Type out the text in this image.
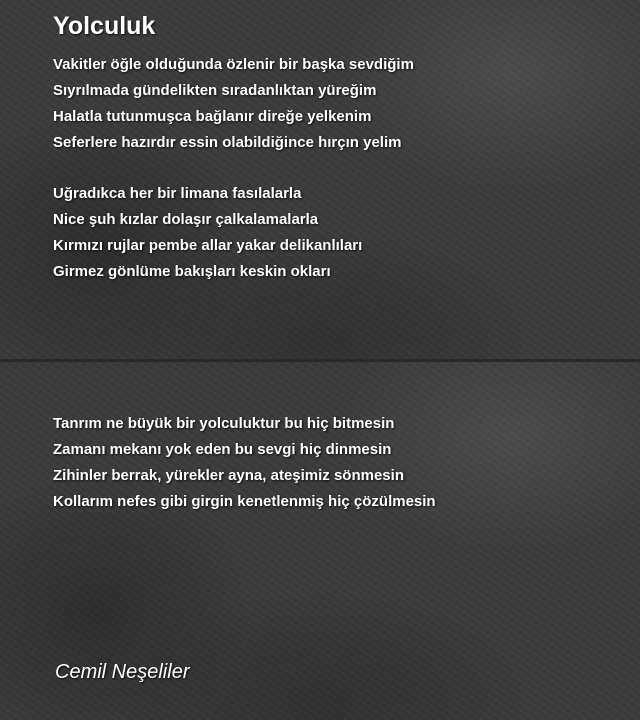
Yolculuk
Vakitler öğle olduğunda özlenir bir başka sevdiğim
Sıyrılmada gündelikten sıradanlıktan yüreğim
Halatla tutunmuşca bağlanır direğe yelkenim
Seferlere hazırdır essin olabildiğince hırçın yelim
Uğradıkca her bir limana fasılalarla
Nice şuh kızlar dolaşır çalkalamalarla
Kırmızı rujlar pembe allar yakar delikanlıları
Girmez gönlüme bakışları keskin okları
Tanrım ne büyük bir yolculuktur bu hiç bitmesin
Zamanı mekanı yok eden bu sevgi hiç dinmesin
Zihinler berrak, yürekler ayna, ateşimiz sönmesin
Kollarım nefes gibi girgin kenetlenmiş hiç çözülmesin

Cemil Neşeliler
